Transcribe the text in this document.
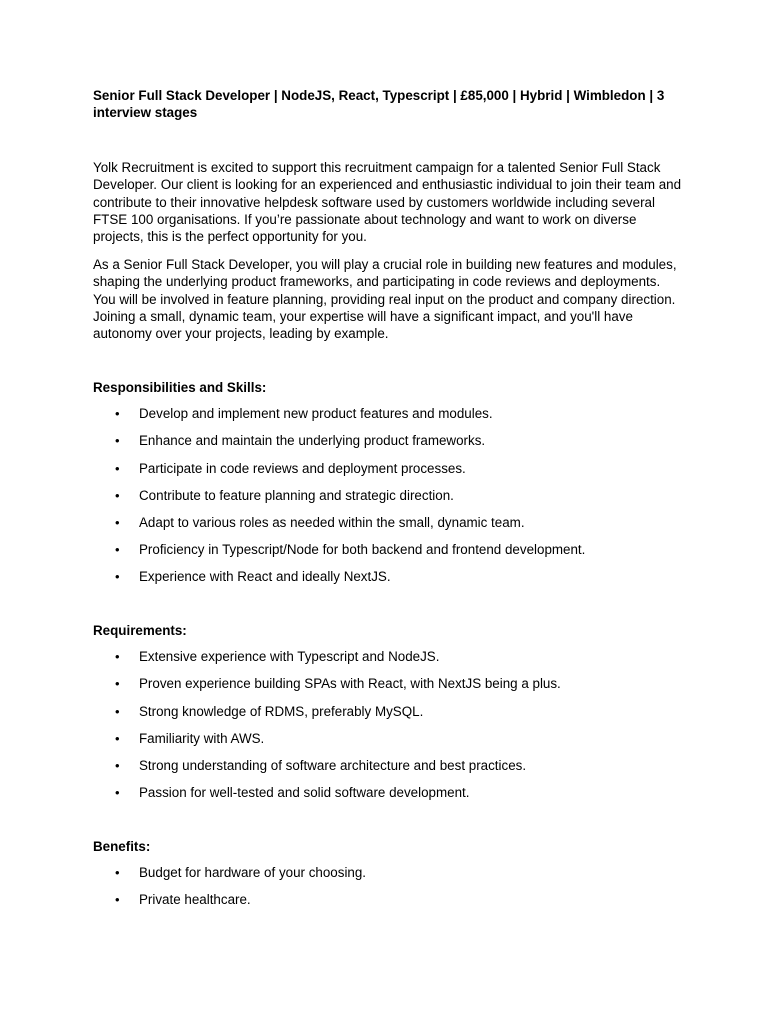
Senior Full Stack Developer | NodeJS, React, Typescript | £85,000 | Hybrid | Wimbledon | 3 interview stages

Yolk Recruitment is excited to support this recruitment campaign for a talented Senior Full Stack Developer. Our client is looking for an experienced and enthusiastic individual to join their team and contribute to their innovative helpdesk software used by customers worldwide including several FTSE 100 organisations. If you’re passionate about technology and want to work on diverse projects, this is the perfect opportunity for you.

As a Senior Full Stack Developer, you will play a crucial role in building new features and modules, shaping the underlying product frameworks, and participating in code reviews and deployments. You will be involved in feature planning, providing real input on the product and company direction. Joining a small, dynamic team, your expertise will have a significant impact, and you'll have autonomy over your projects, leading by example.

Responsibilities and Skills:

• Develop and implement new product features and modules.
• Enhance and maintain the underlying product frameworks.
• Participate in code reviews and deployment processes.
• Contribute to feature planning and strategic direction.
• Adapt to various roles as needed within the small, dynamic team.
• Proficiency in Typescript/Node for both backend and frontend development.
• Experience with React and ideally NextJS.

Requirements:

• Extensive experience with Typescript and NodeJS.
• Proven experience building SPAs with React, with NextJS being a plus.
• Strong knowledge of RDMS, preferably MySQL.
• Familiarity with AWS.
• Strong understanding of software architecture and best practices.
• Passion for well-tested and solid software development.

Benefits:

• Budget for hardware of your choosing.
• Private healthcare.
